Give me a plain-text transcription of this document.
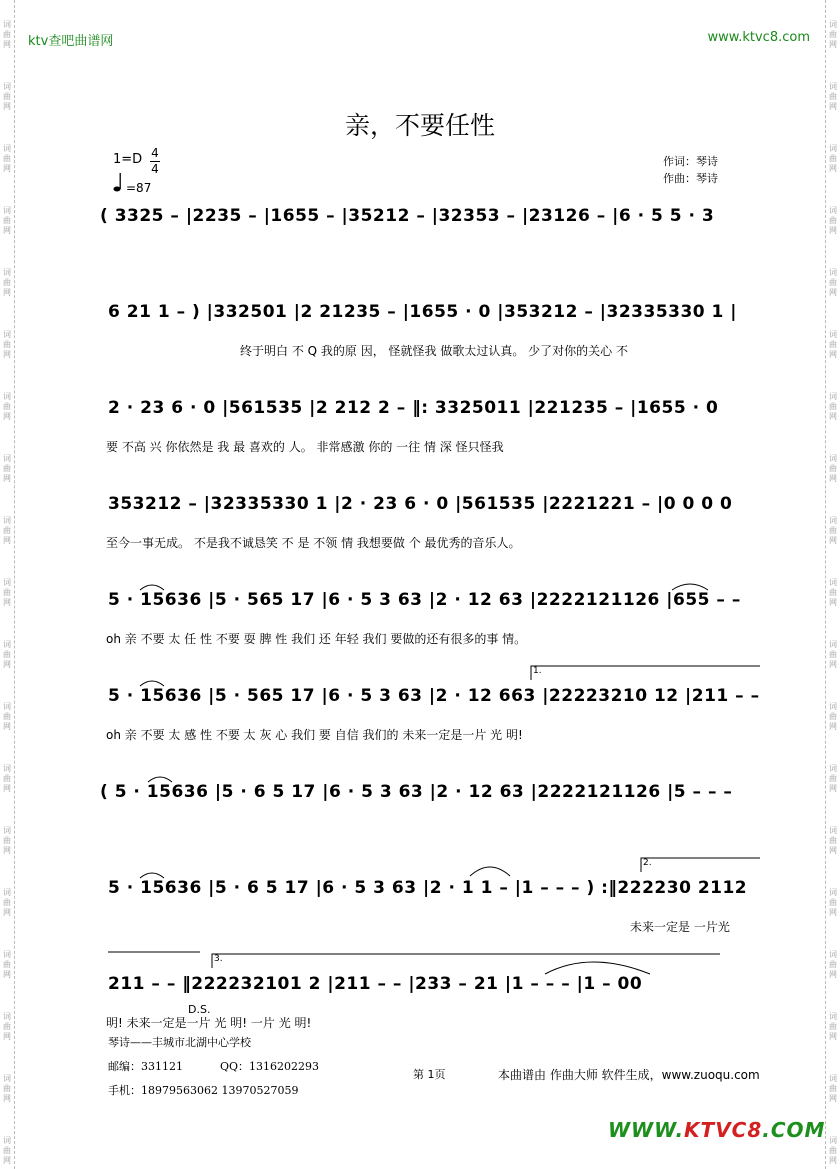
词
曲
网
词
曲
网
词
曲
网
词
曲
网
词
曲
网
词
曲
网
词
曲
网
词
曲
网
词
曲
网
词
曲
网
词
曲
网
词
曲
网
词
曲
网
词
曲
网
词
曲
网
词
曲
网
词
曲
网
词
曲
网
词
曲
网
词
曲
网
词
曲
网
词
曲
网
词
曲
网
词
曲
网
词
曲
网
词
曲
网
词
曲
网
词
曲
网
词
曲
网
词
曲
网
词
曲
网
词
曲
网
词
曲
网
词
曲
网
词
曲
网
词
曲
网
词
曲
网
词
曲
网
ktv查吧曲谱网	www.ktvc8.com
亲，不要任性
1=D 4
4
=87
作词：琴诗
作曲：琴诗
( 3325 – |2235 – |1655 – |35212 – |32353 – |23126 – |6 · 5 5 · 3
6 21 1 – ) |332501 |2 21235 – |1655 · 0 |353212 – |32335330 1 |
终于明白 不 Q 我的原 因， 怪就怪我 做歌太过认真。 少了对你的关心 不
2 · 23 6 · 0 |561535 |2 212 2 – ‖: 3325011 |221235 – |1655 · 0
要 不高 兴 你依然是 我 最 喜欢的 人。 非常感激 你的 一往 情 深 怪只怪我
353212 – |32335330 1 |2 · 23 6 · 0 |561535 |2221221 – |0 0 0 0
至今一事无成。 不是我不诚恳笑 不 是 不领 情 我想要做 个 最优秀的音乐人。
5 · 15636 |5 · 565 17 |6 · 5 3 63 |2 · 12 63 |2222121126 |655 – –
oh 亲 不要 太 任 性 不要 耍 脾 性 我们 还 年轻 我们 要做的还有很多的事 情。
5 · 15636 |5 · 565 17 |6 · 5 3 63 |2 · 12 663 |22223210 12 |211 – –
oh 亲 不要 太 感 性 不要 太 灰 心 我们 要 自信 我们的 未来一定是一片 光 明!
( 5 · 15636 |5 · 6 5 17 |6 · 5 3 63 |2 · 12 63 |2222121126 |5 – – –
5 · 15636 |5 · 6 5 17 |6 · 5 3 63 |2 · 1 1 – |1 – – – ) :‖222230 2112
未来一定是 一片光
211 – – ‖222232101 2 |211 – – |233 – 21 |1 – – – |1 – 00
明! 未来一定是一片 光 明! 一片 光 明!
D.S.
1.
2.
3.
琴诗——丰城市北湖中心学校
邮编：331121	QQ：1316202293
手机：18979563062 13970527059
第 1页	本曲谱由 作曲大师 软件生成，www.zuoqu.com
WWW.KTVC8.COM
